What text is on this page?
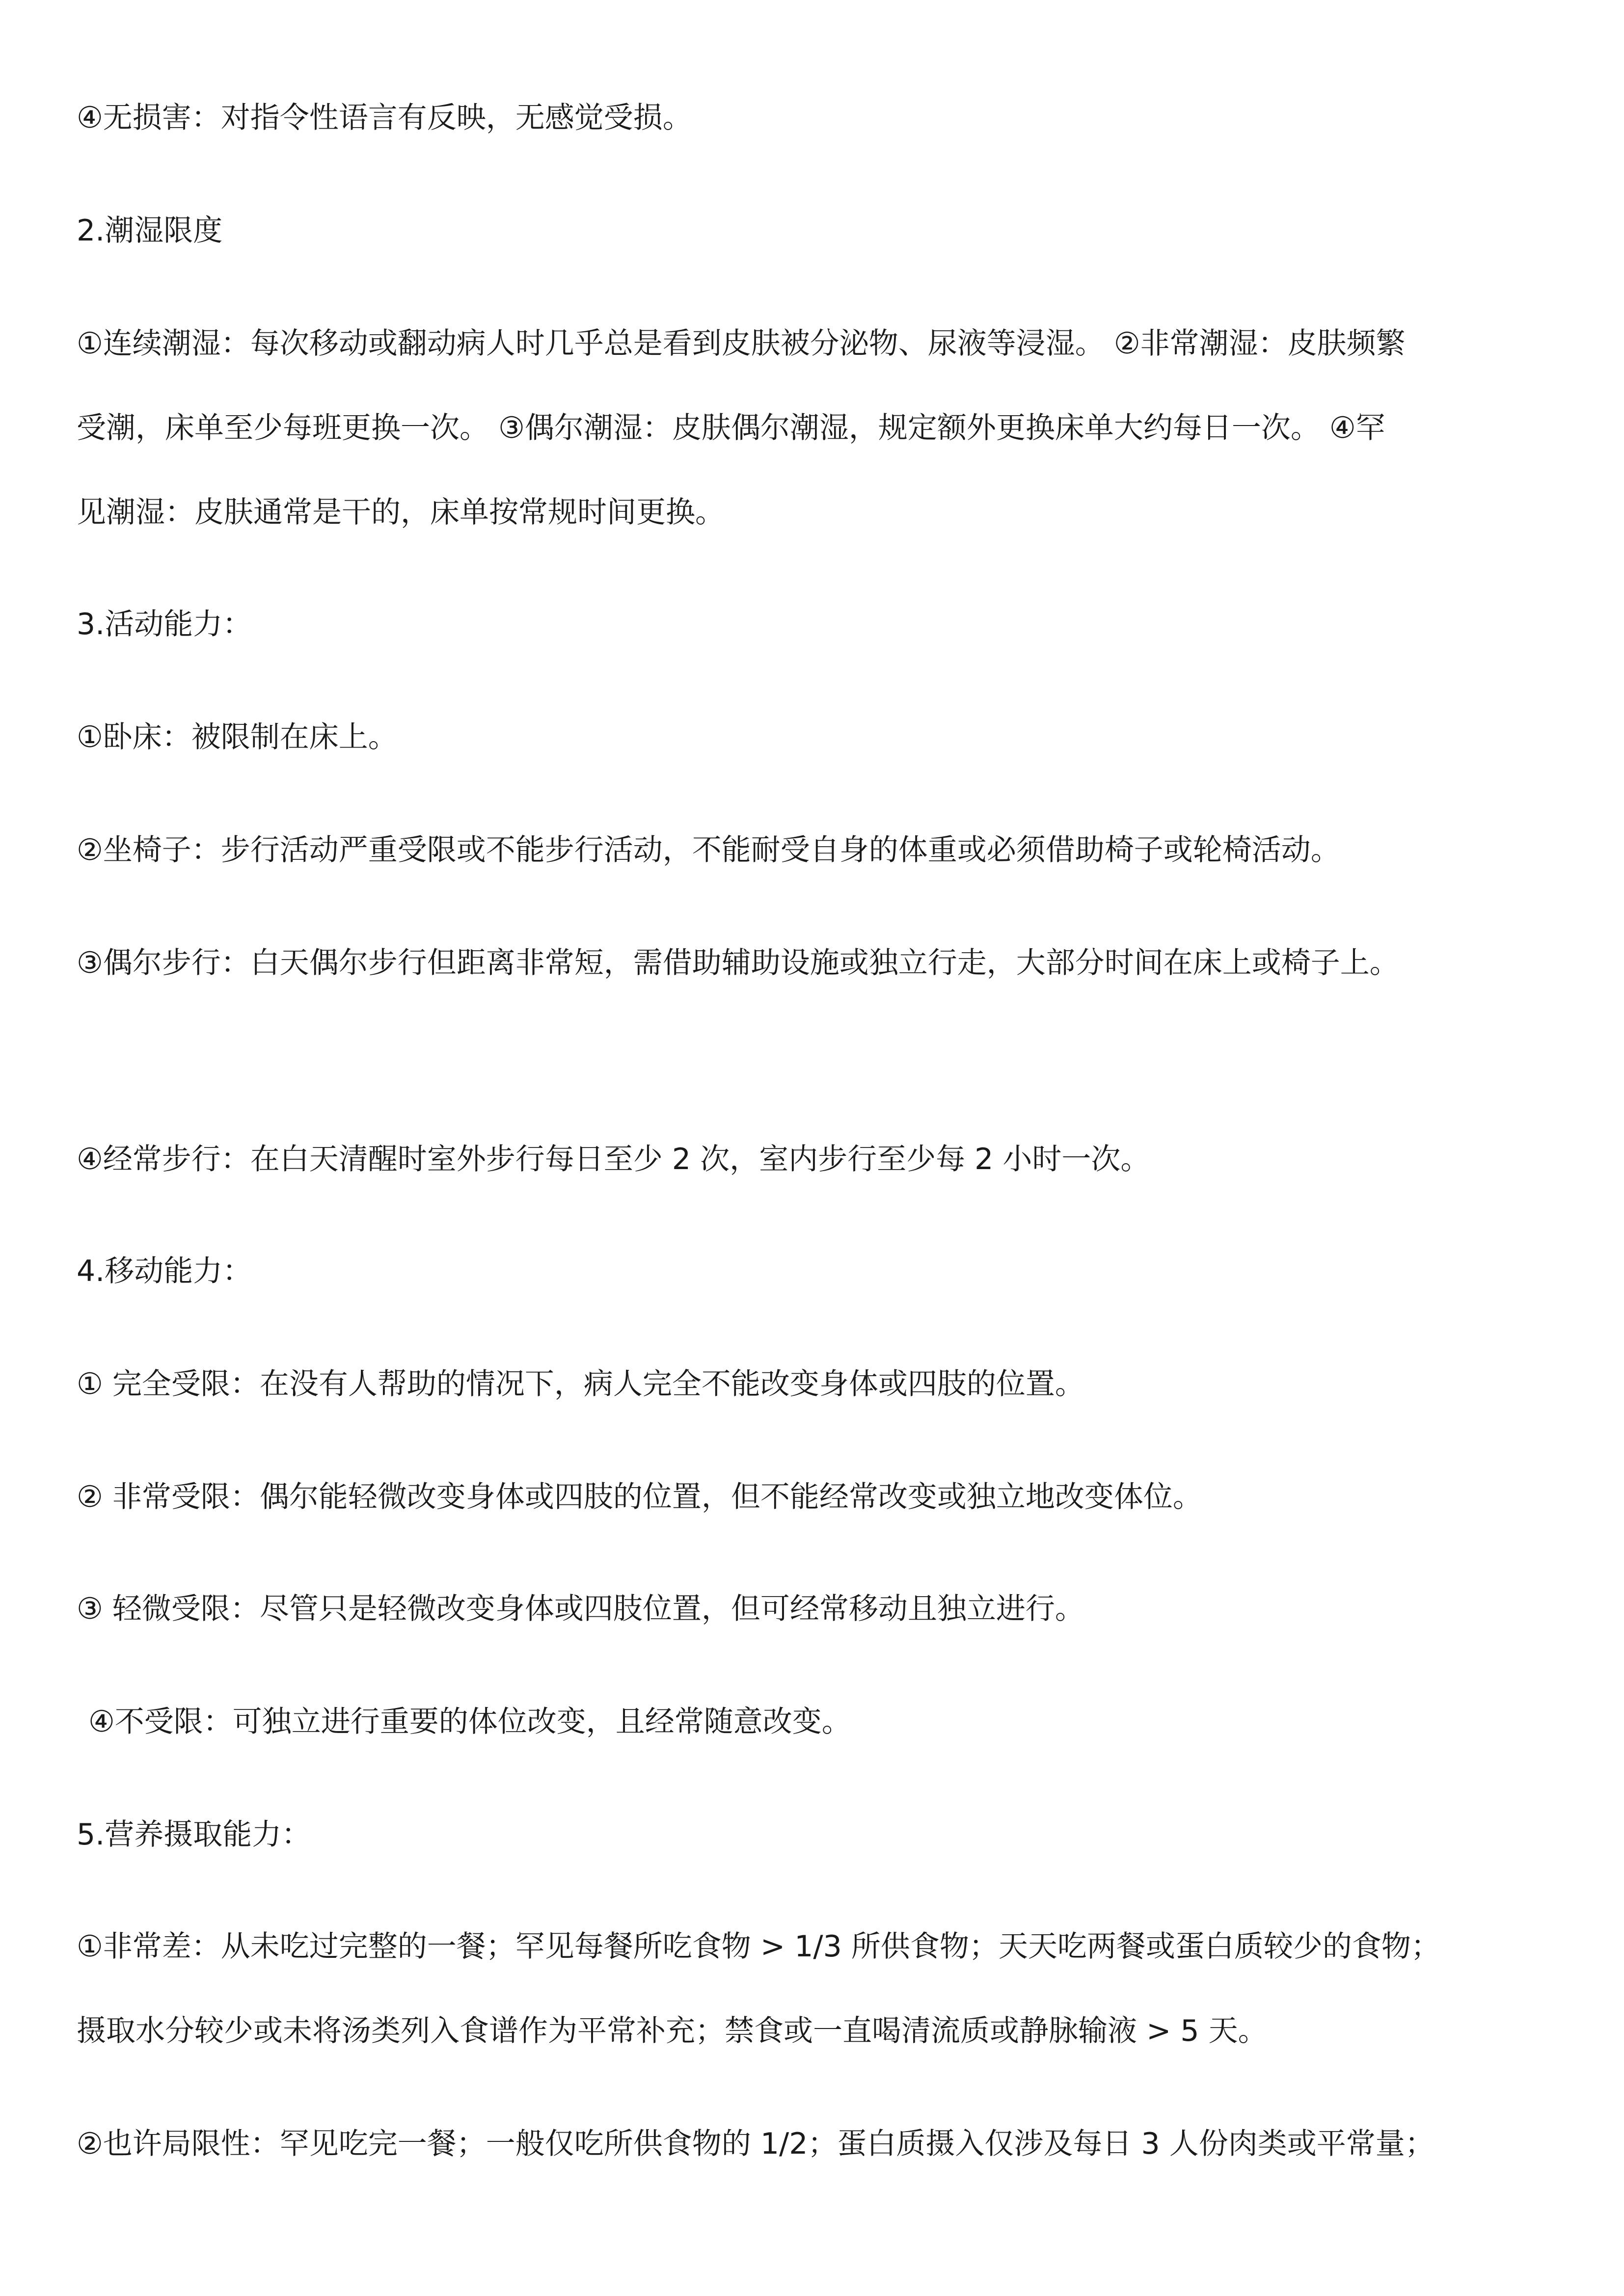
④无损害：对指令性语言有反映，无感觉受损。
2.潮湿限度
①连续潮湿：每次移动或翻动病人时几乎总是看到皮肤被分泌物、尿液等浸湿。 ②非常潮湿：皮肤频繁
受潮，床单至少每班更换一次。 ③偶尔潮湿：皮肤偶尔潮湿，规定额外更换床单大约每日一次。 ④罕
见潮湿：皮肤通常是干的，床单按常规时间更换。
3.活动能力：
①卧床：被限制在床上。
②坐椅子：步行活动严重受限或不能步行活动，不能耐受自身的体重或必须借助椅子或轮椅活动。
③偶尔步行：白天偶尔步行但距离非常短，需借助辅助设施或独立行走，大部分时间在床上或椅子上。
④经常步行：在白天清醒时室外步行每日至少 2 次，室内步行至少每 2 小时一次。
4.移动能力：
① 完全受限：在没有人帮助的情况下，病人完全不能改变身体或四肢的位置。
② 非常受限：偶尔能轻微改变身体或四肢的位置，但不能经常改变或独立地改变体位。
③ 轻微受限：尽管只是轻微改变身体或四肢位置，但可经常移动且独立进行。
④不受限：可独立进行重要的体位改变，且经常随意改变。
5.营养摄取能力：
①非常差：从未吃过完整的一餐；罕见每餐所吃食物 > 1/3 所供食物；天天吃两餐或蛋白质较少的食物；
摄取水分较少或未将汤类列入食谱作为平常补充；禁食或一直喝清流质或静脉输液 > 5 天。
②也许局限性：罕见吃完一餐；一般仅吃所供食物的 1/2；蛋白质摄入仅涉及每日 3 人份肉类或平常量；
